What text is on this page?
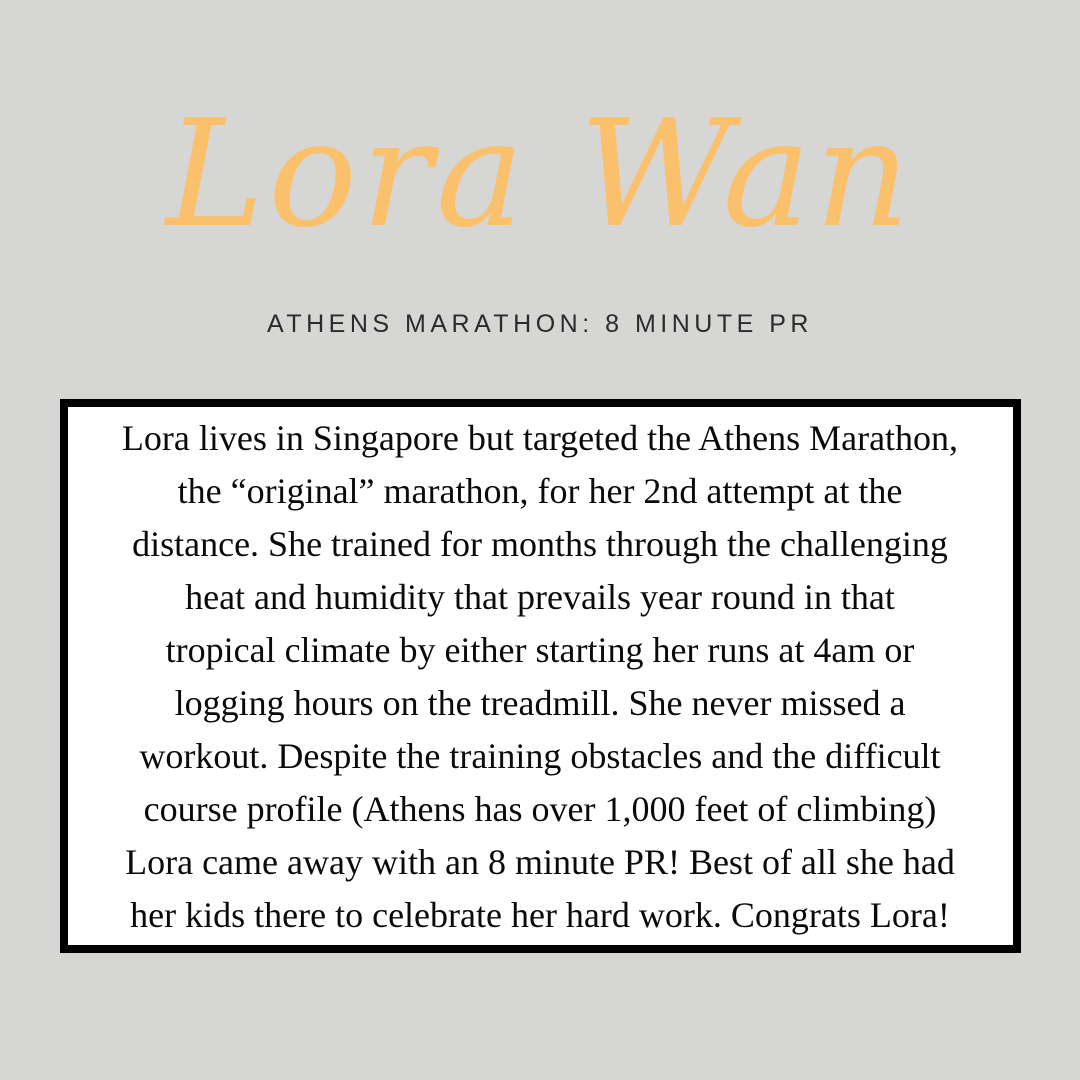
Lora Wan
ATHENS MARATHON: 8 MINUTE PR
Lora lives in Singapore but targeted the Athens Marathon,
the “original” marathon, for her 2nd attempt at the
distance. She trained for months through the challenging
heat and humidity that prevails year round in that
tropical climate by either starting her runs at 4am or
logging hours on the treadmill. She never missed a
workout. Despite the training obstacles and the difficult
course profile (Athens has over 1,000 feet of climbing)
Lora came away with an 8 minute PR! Best of all she had
her kids there to celebrate her hard work. Congrats Lora!
